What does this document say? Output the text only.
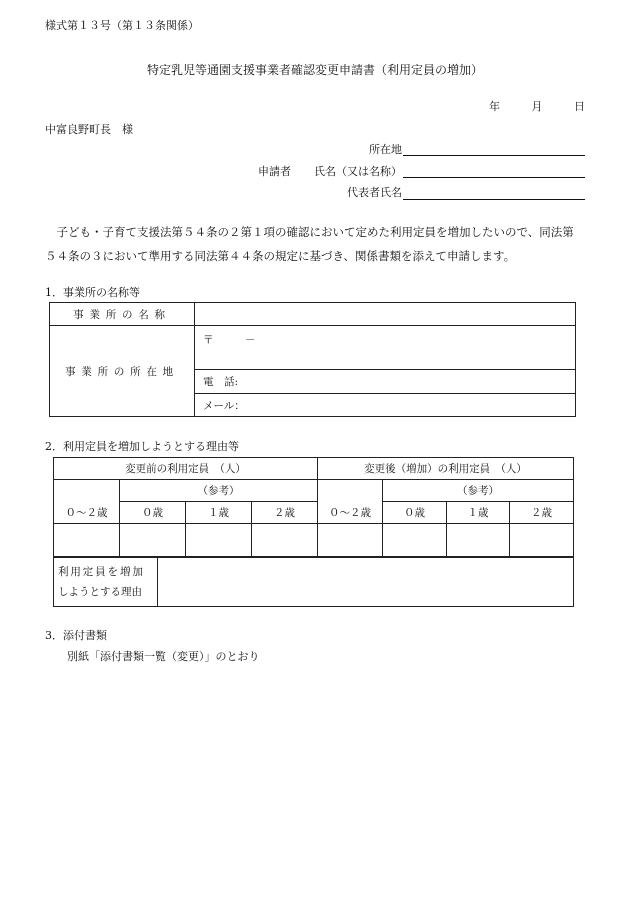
様式第１３号（第１３条関係）
特定乳児等通園支援事業者確認変更申請書（利用定員の増加）
年	月	日
中富良野町長　様
所在地
申請者 氏名（又は名称）
代表者氏名
子ども・子育て支援法第５４条の２第１項の確認において定めた利用定員を増加したいので、同法第５４条の３において準用する同法第４４条の規定に基づき、関係書類を添えて申請します。
1．事業所の名称等
事業所の名称	
事業所の所在地	〒　　　－
	電　話:
	メール：
2．利用定員を増加しようとする理由等
変更前の利用定員　（人）				変更後（増加）の利用定員　（人）			
	（参考）				（参考）		
０～２歳	０歳	１歳	２歳	０～２歳	０歳	１歳	２歳

利用定員を増加
しようとする理由

3．添付書類
別紙「添付書類一覧（変更）」のとおり
